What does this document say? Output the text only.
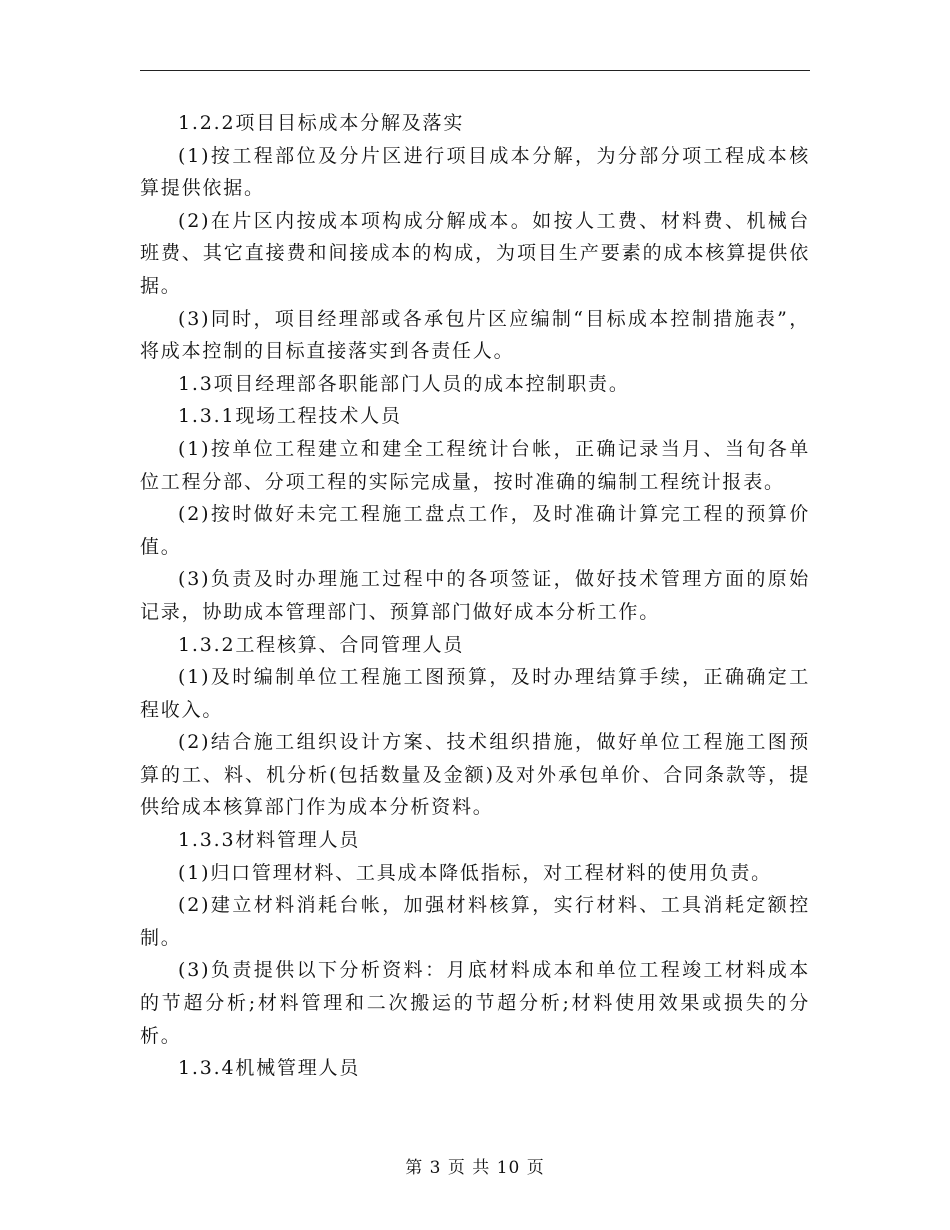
1.2.2项目目标成本分解及落实

(1)按工程部位及分片区进行项目成本分解，为分部分项工程成本核算提供依据。

(2)在片区内按成本项构成分解成本。如按人工费、材料费、机械台班费、其它直接费和间接成本的构成，为项目生产要素的成本核算提供依据。

(3)同时，项目经理部或各承包片区应编制“目标成本控制措施表”，将成本控制的目标直接落实到各责任人。

1.3项目经理部各职能部门人员的成本控制职责。

1.3.1现场工程技术人员

(1)按单位工程建立和建全工程统计台帐，正确记录当月、当旬各单位工程分部、分项工程的实际完成量，按时准确的编制工程统计报表。

(2)按时做好未完工程施工盘点工作，及时准确计算完工程的预算价值。

(3)负责及时办理施工过程中的各项签证，做好技术管理方面的原始记录，协助成本管理部门、预算部门做好成本分析工作。

1.3.2工程核算、合同管理人员

(1)及时编制单位工程施工图预算，及时办理结算手续，正确确定工程收入。

(2)结合施工组织设计方案、技术组织措施，做好单位工程施工图预算的工、料、机分析(包括数量及金额)及对外承包单价、合同条款等，提供给成本核算部门作为成本分析资料。

1.3.3材料管理人员

(1)归口管理材料、工具成本降低指标，对工程材料的使用负责。

(2)建立材料消耗台帐，加强材料核算，实行材料、工具消耗定额控制。

(3)负责提供以下分析资料：月底材料成本和单位工程竣工材料成本的节超分析;材料管理和二次搬运的节超分析;材料使用效果或损失的分析。

1.3.4机械管理人员

第 3 页 共 10 页
